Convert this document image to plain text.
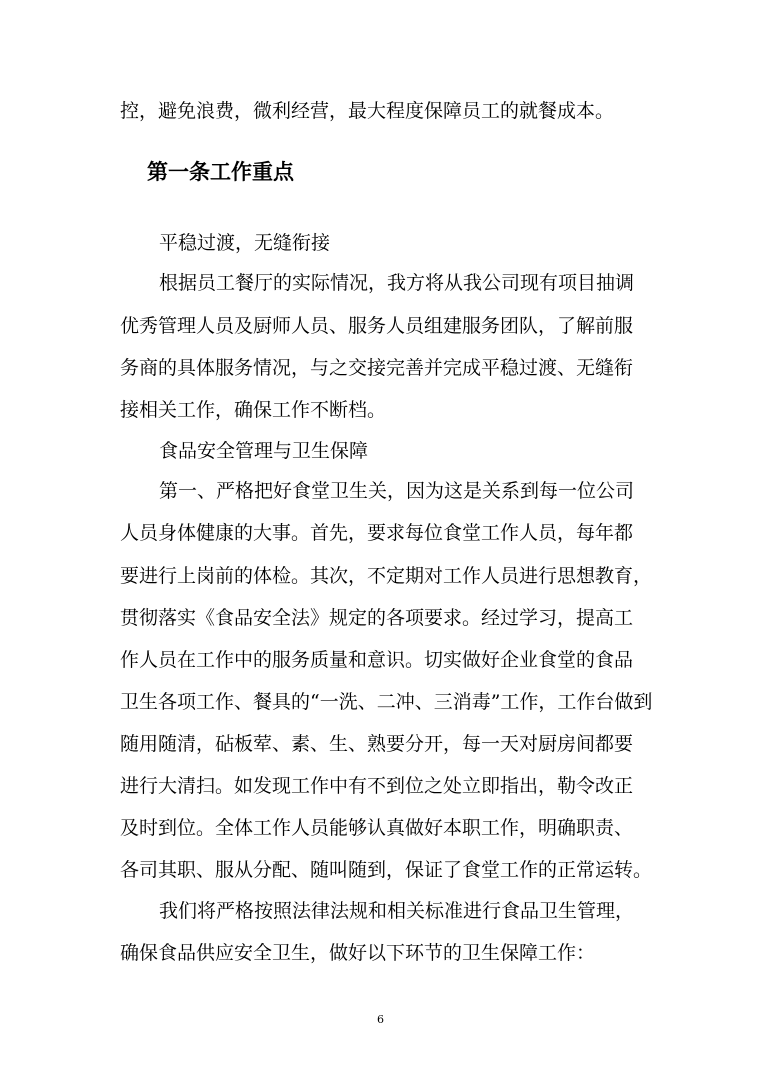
控，避免浪费，微利经营，最大程度保障员工的就餐成本。
第一条工作重点
平稳过渡，无缝衔接
根据员工餐厅的实际情况，我方将从我公司现有项目抽调
优秀管理人员及厨师人员、服务人员组建服务团队，了解前服
务商的具体服务情况，与之交接完善并完成平稳过渡、无缝衔
接相关工作，确保工作不断档。
食品安全管理与卫生保障
第一、严格把好食堂卫生关，因为这是关系到每一位公司
人员身体健康的大事。首先，要求每位食堂工作人员，每年都
要进行上岗前的体检。其次，不定期对工作人员进行思想教育，
贯彻落实《食品安全法》规定的各项要求。经过学习，提高工
作人员在工作中的服务质量和意识。切实做好企业食堂的食品
卫生各项工作、餐具的“一洗、二冲、三消毒”工作，工作台做到
随用随清，砧板荤、素、生、熟要分开，每一天对厨房间都要
进行大清扫。如发现工作中有不到位之处立即指出，勒令改正
及时到位。全体工作人员能够认真做好本职工作，明确职责、
各司其职、服从分配、随叫随到，保证了食堂工作的正常运转。
我们将严格按照法律法规和相关标准进行食品卫生管理，
确保食品供应安全卫生，做好以下环节的卫生保障工作：
6
